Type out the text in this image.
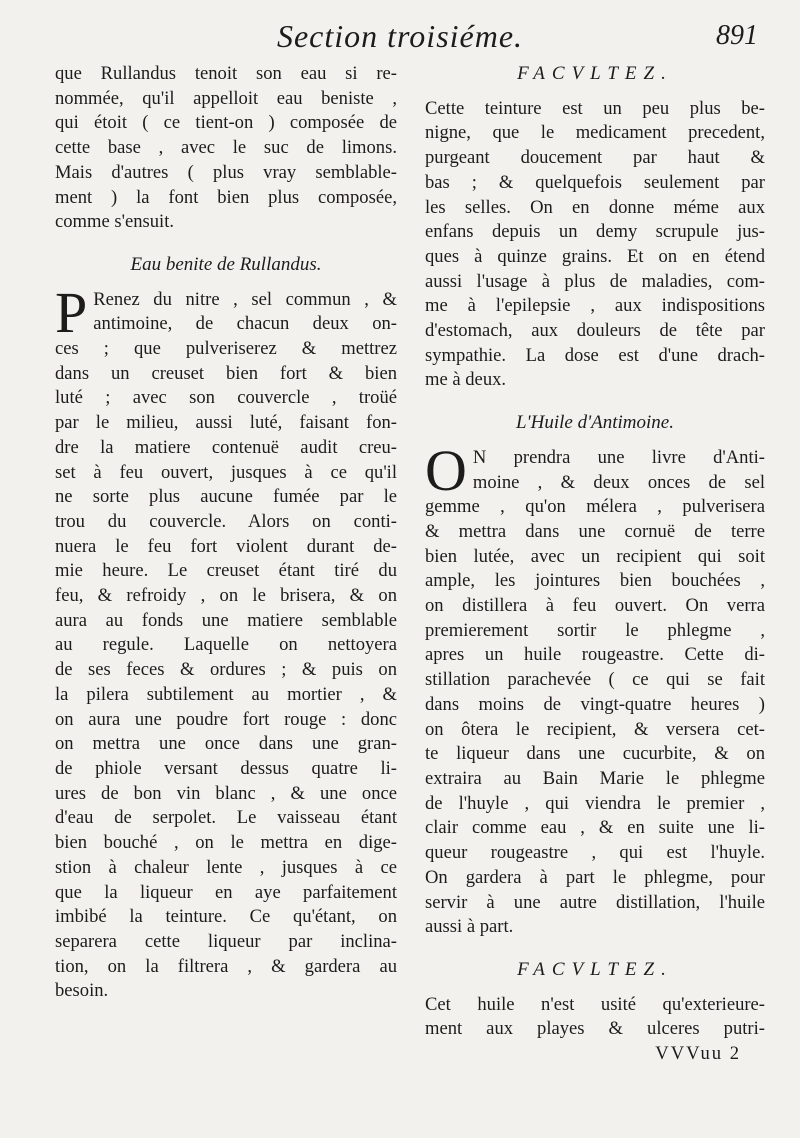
Section troisiéme.	891
que Rullandus tenoit son eau si re-
nommée, qu'il appelloit eau beniste ,
qui étoit ( ce tient-on ) composée de
cette base , avec le suc de limons.
Mais d'autres ( plus vray semblable-
ment ) la font bien plus composée,
comme s'ensuit.
Eau benite de Rullandus.
P Renez du nitre , sel commun , &
antimoine, de chacun deux on-
ces ; que pulveriserez & mettrez
dans un creuset bien fort & bien
luté ; avec son couvercle , troüé
par le milieu, aussi luté, faisant fon-
dre la matiere contenuë audit creu-
set à feu ouvert, jusques à ce qu'il
ne sorte plus aucune fumée par le
trou du couvercle. Alors on conti-
nuera le feu fort violent durant de-
mie heure. Le creuset étant tiré du
feu, & refroidy , on le brisera, & on
aura au fonds une matiere semblable
au regule. Laquelle on nettoyera
de ses feces & ordures ; & puis on
la pilera subtilement au mortier , &
on aura une poudre fort rouge : donc
on mettra une once dans une gran-
de phiole versant dessus quatre li-
ures de bon vin blanc , & une once
d'eau de serpolet. Le vaisseau étant
bien bouché , on le mettra en dige-
stion à chaleur lente , jusques à ce
que la liqueur en aye parfaitement
imbibé la teinture. Ce qu'étant, on
separera cette liqueur par inclina-
tion, on la filtrera , & gardera au
besoin.
FACVLTEZ.
Cette teinture est un peu plus be-
nigne, que le medicament precedent,
purgeant doucement par haut &
bas ; & quelquefois seulement par
les selles. On en donne méme aux
enfans depuis un demy scrupule jus-
ques à quinze grains. Et on en étend
aussi l'usage à plus de maladies, com-
me à l'epilepsie , aux indispositions
d'estomach, aux douleurs de tête par
sympathie. La dose est d'une drach-
me à deux.
L'Huile d'Antimoine.
O N prendra une livre d'Anti-
moine , & deux onces de sel
gemme , qu'on mélera , pulverisera
& mettra dans une cornuë de terre
bien lutée, avec un recipient qui soit
ample, les jointures bien bouchées ,
on distillera à feu ouvert. On verra
premierement sortir le phlegme ,
apres un huile rougeastre. Cette di-
stillation parachevée ( ce qui se fait
dans moins de vingt-quatre heures )
on ôtera le recipient, & versera cet-
te liqueur dans une cucurbite, & on
extraira au Bain Marie le phlegme
de l'huyle , qui viendra le premier ,
clair comme eau , & en suite une li-
queur rougeastre , qui est l'huyle.
On gardera à part le phlegme, pour
servir à une autre distillation, l'huile
aussi à part.
FACVLTEZ.
Cet huile n'est usité qu'exterieure-
ment aux playes & ulceres putri-
VVVuu 2
